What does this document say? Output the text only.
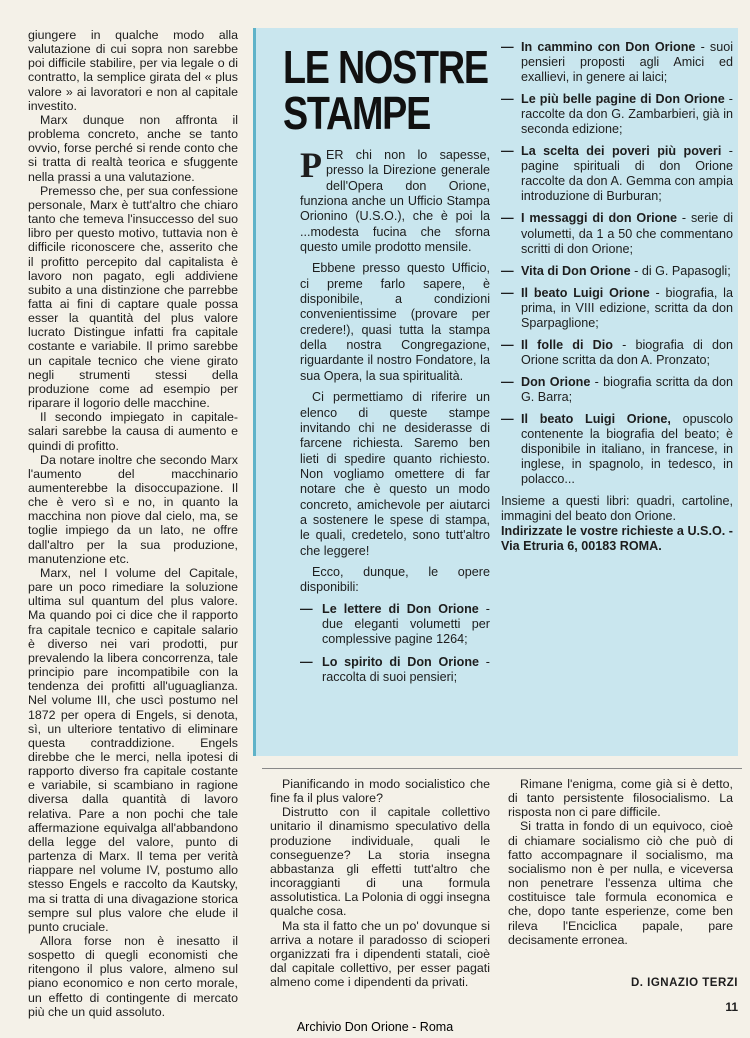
giungere in qualche modo alla valutazione di cui sopra non sarebbe poi difficile stabilire, per via legale o di contratto, la semplice girata del « plus valore » ai lavoratori e non al capitale investito.

Marx dunque non affronta il problema concreto, anche se tanto ovvio, forse perché si rende conto che si tratta di realtà teorica e sfuggente nella prassi a una valutazione.

Premesso che, per sua confessione personale, Marx è tutt'altro che chiaro tanto che temeva l'insuccesso del suo libro per questo motivo, tuttavia non è difficile riconoscere che, asserito che il profitto percepito dal capitalista è lavoro non pagato, egli addiviene subito a una distinzione che parrebbe fatta ai fini di captare quale possa esser la quantità del plus valore lucrato Distingue infatti fra capitale costante e variabile. Il primo sarebbe un capitale tecnico che viene girato negli strumenti stessi della produzione come ad esempio per riparare il logorio delle macchine.

Il secondo impiegato in capitale-salari sarebbe la causa di aumento e quindi di profitto.

Da notare inoltre che secondo Marx l'aumento del macchinario aumenterebbe la disoccupazione. Il che è vero sì e no, in quanto la macchina non piove dal cielo, ma, se toglie impiego da un lato, ne offre dall'altro per la sua produzione, manutenzione etc.

Marx, nel I volume del Capitale, pare un poco rimediare la soluzione ultima sul quantum del plus valore. Ma quando poi ci dice che il rapporto fra capitale tecnico e capitale salario è diverso nei vari prodotti, pur prevalendo la libera concorrenza, tale principio pare incompatibile con la tendenza dei profitti all'uguaglianza. Nel volume III, che uscì postumo nel 1872 per opera di Engels, si denota, sì, un ulteriore tentativo di eliminare questa contraddizione. Engels direbbe che le merci, nella ipotesi di rapporto diverso fra capitale costante e variabile, si scambiano in ragione diversa dalla quantità di lavoro relativa. Pare a non pochi che tale affermazione equivalga all'abbandono della legge del valore, punto di partenza di Marx. Il tema per verità riappare nel volume IV, postumo allo stesso Engels e raccolto da Kautsky, ma si tratta di una divagazione storica sempre sul plus valore che elude il punto cruciale.

Allora forse non è inesatto il sospetto di quegli economisti che ritengono il plus valore, almeno sul piano economico e non certo morale, un effetto di contingente di mercato più che un quid assoluto.

LE NOSTRE
STAMPE

PER chi non lo sapesse, presso la Direzione generale dell'Opera don Orione, funziona anche un Ufficio Stampa Orionino (U.S.O.), che è poi la ...modesta fucina che sforna questo umile prodotto mensile.

Ebbene presso questo Ufficio, ci preme farlo sapere, è disponibile, a condizioni convenientissime (provare per credere!), quasi tutta la stampa della nostra Congregazione, riguardante il nostro Fondatore, la sua Opera, la sua spiritualità.

Ci permettiamo di riferire un elenco di queste stampe invitando chi ne desiderasse di farcene richiesta. Saremo ben lieti di spedire quanto richiesto. Non vogliamo omettere di far notare che è questo un modo concreto, amichevole per aiutarci a sostenere le spese di stampa, le quali, credetelo, sono tutt'altro che leggere!

Ecco, dunque, le opere disponibili:

— Le lettere di Don Orione - due eleganti volumetti per complessive pagine 1264;
— Lo spirito di Don Orione - raccolta di suoi pensieri;
— In cammino con Don Orione - suoi pensieri proposti agli Amici ed exallievi, in genere ai laici;
— Le più belle pagine di Don Orione - raccolte da don G. Zambarbieri, già in seconda edizione;
— La scelta dei poveri più poveri - pagine spirituali di don Orione raccolte da don A. Gemma con ampia introduzione di Burburan;
— I messaggi di don Orione - serie di volumetti, da 1 a 50 che commentano scritti di don Orione;
— Vita di Don Orione - di G. Papasogli;
— Il beato Luigi Orione - biografia, la prima, in VIII edizione, scritta da don Sparpaglione;
— Il folle di Dio - biografia di don Orione scritta da don A. Pronzato;
— Don Orione - biografia scritta da don G. Barra;
— Il beato Luigi Orione, opuscolo contenente la biografia del beato; è disponibile in italiano, in francese, in inglese, in spagnolo, in tedesco, in polacco...

Insieme a questi libri: quadri, cartoline, immagini del beato don Orione.

Indirizzate le vostre richieste a U.S.O. - Via Etruria 6, 00183 ROMA.

Pianificando in modo socialistico che fine fa il plus valore?

Distrutto con il capitale collettivo unitario il dinamismo speculativo della produzione individuale, quali le conseguenze? La storia insegna abbastanza gli effetti tutt'altro che incoraggianti di una formula assolutistica. La Polonia di oggi insegna qualche cosa.

Ma sta il fatto che un po' dovunque si arriva a notare il paradosso di scioperi organizzati fra i dipendenti statali, cioè dal capitale collettivo, per esser pagati almeno come i dipendenti da privati.

Rimane l'enigma, come già si è detto, di tanto persistente filosocialismo. La risposta non ci pare difficile.

Si tratta in fondo di un equivoco, cioè di chiamare socialismo ciò che può di fatto accompagnare il socialismo, ma socialismo non è per nulla, e viceversa non penetrare l'essenza ultima che costituisce tale formula economica e che, dopo tante esperienze, come ben rileva l'Enciclica papale, pare decisamente erronea.

D. IGNAZIO TERZI
11
Archivio Don Orione - Roma
